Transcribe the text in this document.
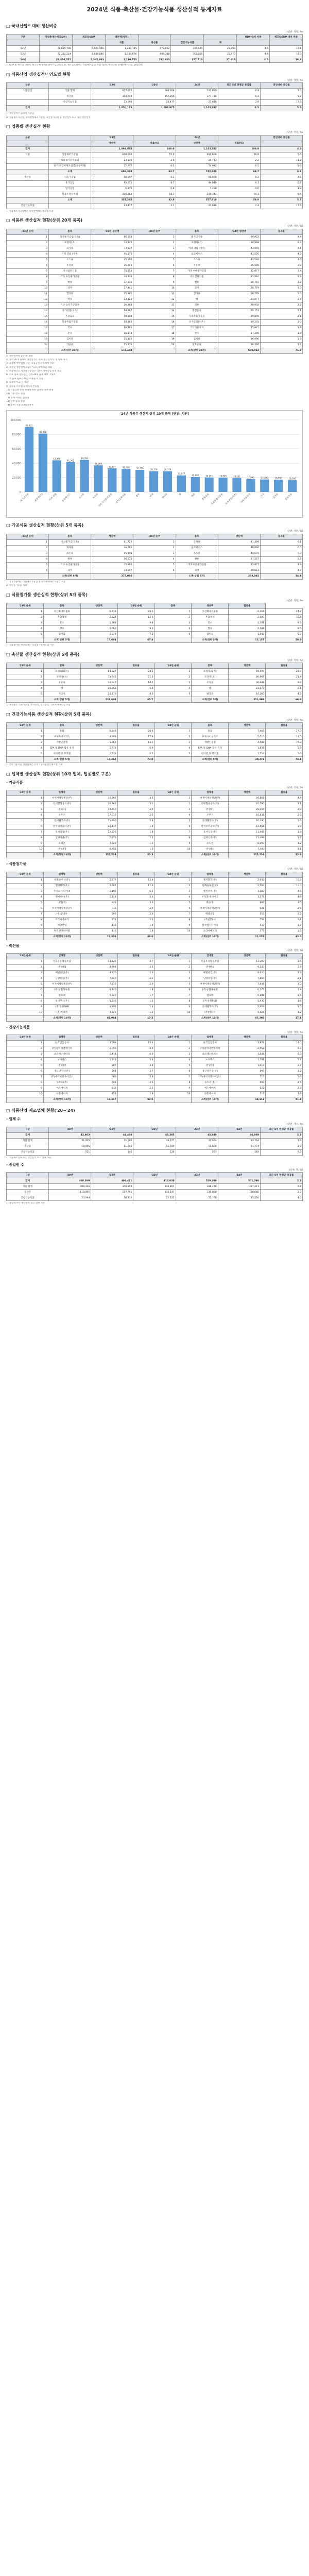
2024년 식품·축산물·건강기능식품 생산실적 통계자료
□ 국내산업¹⁾ 대비 생산비중
(단위: 억원, %)
구분	국내총생산액(GDP)	제조업GDP	생산액(억원)				GDP 대비 비중	제조업GDP 대비 비중
			식품	축산물	건강기능식품	계		
'22년	21,615,708	5,021,546	1,282,745	677,052	344,949	23,090	4.4	19.1
'23년	22,302,224	5,039,646	1,334,676	694,308	357,265	23,477	4.4	19.0
'24년	23,494,357	5,365,983	1,110,752	742,920	377,718	27,618	4.5	16.8
1) GDP 및 제조업 GDP는 한국은행 경제통계시스템(2025.3), 제조업 GDP는 '식품제조업'을 포함 (출처: 한국은행 경제통계시스템, 2025.4)
□ 식품산업 생산실적¹⁾ 연도별 현황
(단위: 억원, %)
구분		'22년	'23년	'24년	최근 5년 연평균 증감률	전년대비 증감률
식품산업	식품 합계	677,052	694,308	742,920	6.9	7.0
	축산물	344,949	357,265	377,718	6.3	5.7
	건강기능식품	23,090	23,477	27,618	2.9	17.6
합계		1,050,115	1,094,975	1,143,752	4.5	5.5
1) 생산실적은 출하액 기준임
2) 식품제조가공업, 즉석판매제조가공업, 축산물가공업 등 생산실적 보고 기준 생산실적
□ 업종별 생산실적 현황
(단위: 억원, %)
구분		'23년		'24년		전년대비 증감률
		생산액	비율(%)	생산액	비율(%)	
합계		1,094,975	100.0	1,143,752	100.0	4.5
식품	식품제조가공업	610,602	57.0	652,868	56.9	5.6
	식품첨가물제조업	23,130	2.0	25,713	2.2	11.2
	용기·포장지제조업(합성수지제)	77,757	6.3	74,942	6.5	-3.6
	소계	696,328	63.7	742,920	64.7	6.2
축산물	식육가공업	58,097	5.3	60,695	5.3	4.6
	유가공업	95,611	8.7	94,949	8.3	-0.7
	알가공업	6,972	0.6	7,298	0.6	4.8
	식육포장처리업	200,160	18.3	219,344	19.1	9.6
	소계	357,265	32.6	377,718	33.0	5.7
건강기능식품		23,477	2.1	27,618	2.4	17.6
1) 식품제조가공업에는 즉석판매제조가공업 포함
□ 식품류 생산실적 현황(상위 20개 품목)
(단위: 억원, %)
'23년 순위	품목	'23년 생산액	'24년 순위	품목	'24년 생산액	점유율
1	축산물가공업(돈육)	80,503	1	돼지고기류	89,922	9.4
2	포장육(소)	74,945	2	포장육(소)	80,968	8.4
3	과자류	73,117	3	커피 과립 (가루)	43,969	7.1
4	커피 과립 (가루)	46,175	4	음료베이스	41,505	4.3
5	소스류	45,195	5	소스류	44,593	4.6
6	우유류	36,045	6	우유류	36,988	3.8
7	즉석섭취식품	35,550	7	기타 수산물가공품	32,877	3.4
8	기타 수산물가공품	34,935	8	즉석섭취식품	31,916	3.3
9	빵류	32,076	9	빵류	30,710	3.2
10	과자	27,441	10	과자	28,779	3.0
11	캔디류	25,961	11	캔디류	28,779	3.0
12	떡류	23,125	12	햄	23,077	2.4
13	기타 농산가공품류	20,888	13	떡류	20,902	2.2
14	유가공품(치즈)	19,897	14	혼합음료	20,151	2.1
15	혼합음료	19,808	15	식육추출가공품	19,895	2.1
16	식육추출가공품	18,485	16	유가공품(치즈)	19,201	2.0
17	국수	16,891	17	기타식용유지	17,945	1.9
18	분유	16,474	18	국수	17,390	1.8
19	김치류	15,442	19	김치류	16,990	1.8
20	가공유	15,170	20	발효유류	16,360	1.7
	소계(상위 20개)	672,483		소계(상위 20개)	690,912	71.9
1) 생산실적이 높은 순 정렬
2) 상위 20개 품목의 생산실적은 전체 생산실적의 약 70% 차지
3) 품목별 생산실적 구분: 식품공전 분류체계 기준
4) 축산물 생산실적 포함 / 식육포장처리업 제외
5) 포장육(소), 축산물가공업은 식육포장처리업 실적 제외
6) 주요 품목 점유율은 상위 20개 품목 대비 구성비
7) 각 품목 순위는 매년 조정될 수 있음
8) 품목별 비교 시 참고
9) 점유율 소수점 둘째자리 반올림
10) 식품공전 분류 변경에 따른 품목명 일부 변경
11) 기준 연도 변경
12) 통계 자료는 잠정치
13) 일부 품목 통합
14) 출처: 식품의약품안전처
'24년 식품류 생산액 상위 20개 품목 (단위: 억원)
0
20,000
40,000
60,000
80,000
100,000
89,922
돼지고기류
80,968
포장육(소)
43,969
커피 과립
41,505
음료베이스
44,593
소스류
36,988
우유류
32,877
기타 수산물가공품
31,916
즉석섭취식품
30,710
빵류
28,779
과자
28,779
캔디류
23,077
햄
20,902
떡류
20,151
혼합음료
19,895
식육추출가공품
19,201
유가공품(치즈)
17,945
기타식용유지
17,390
국수
16,990
김치류
16,360
발효유류
□ 가공식품 생산실적 현황(상위 5개 품목)
(단위: 억원, %)
'23년 순위	품목	생산액	'24년 순위	품목	생산액	점유율
1	축산물가공(돈육)	81,722	1	과자류	41,469	6.1
2	과자류	40,781	2	음료베이스	40,860	6.0
3	소스류	45,195	3	소스류	44,593	6.3
4	빵류	36,676	4	빵류	37,527	5.7
5	기타 수산물가공품	35,995	5	기타 수산물가공품	32,877	4.9
6	과자	34,697	6	과자	30,611	4.7
	소계(상위 6개)	275,066		소계(상위 6개)	233,045	34.4
1) 가공식품에는 식품제조가공업 및 즉석판매제조가공업 포함
2) 축산물가공품 제외
□ 식품첨가물 생산실적 현황(상위 5개 품목)
(단위: 억원, %)
'23년 순위	품목	생산액	'24년 순위	품목	생산액	점유율	
1	수산화나트륨류	6,733	29.1	1	수산화나트륨류	6,368	24.7
2	혼합제제	2,924	12.6	2	혼합제제	2,680	10.4
3	효소	2,268	9.8	3	효소	2,381	9.3
4	향료	2,080	9.0	4	향료	2,188	8.5
5	감미료	1,679	7.3	5	감미료	1,540	6.0
	소계(상위 5개)	15,684	67.8		소계(상위 5개)	15,157	58.9
1) 식품첨가물 생산실적은 식품첨가물제조업 기준
□ 축산물 생산실적 현황(상위 5개 품목)
(단위: 억원, %)
'23년 순위	품목	생산액	점유율	'24년 순위	품목	생산액	점유율
1	포장육(돼지)	84,927	24.1	1	포장육(돼지)	94,599	25.0
2	포장육(소)	74,945	21.3	2	포장육(소)	80,968	21.4
3	우유류	36,045	10.2	3	우유류	36,988	9.8
4	햄	20,561	5.8	4	햄	23,077	6.1
5	가공유	15,170	4.3	5	발효유	16,360	4.3
	소계(상위 5개)	231,648	65.7		소계(상위 5개)	251,992	66.6
1) 축산물은 식육가공업, 유가공업, 알가공업, 식육포장처리업 포함
□ 건강기능식품 생산실적 현황(상위 5개 품목)
(단위: 억원, %)
'23년 순위	품목	생산액	점유율	'24년 순위	품목	생산액	점유율
1	홍삼	6,849	28.6	1	홍삼	7,465	27.0
2	프로바이오틱스	4,203	17.9	2	프로바이오틱스	5,110	18.5
3	개별인정형	3,066	13.1	3	개별인정형	4,508	16.3
4	EPA 및 DHA 함유 유지	1,611	6.9	4	EPA 및 DHA 함유 유지	1,636	5.9
5	비타민 및 무기질	1,533	6.5	5	비타민 및 무기질	1,554	5.6
	소계(상위 5개)	17,262	73.0		소계(상위 5개)	20,273	73.4
1) 건강기능식품 생산실적은 건강기능식품전문제조업 기준
□ 업체별 생산실적 현황(상위 10개 업체, 업종별로 구분)
- 가공식품
(단위: 억원, %)
'23년 순위	업체명	생산액	점유율	'24년 순위	업체명	생산액	점유율
1	씨제이제일제당(주)	30,266	4.5	1	씨제이제일제당(주)	29,868	4.4
2	롯데칠성음료(주)	20,766	3.1	2	롯데칠성음료(주)	20,790	3.1
3	(주)농심	19,750	2.9	3	(주)농심	20,159	3.0
4	오뚜기	17,016	2.5	4	오뚜기	16,838	2.5
5	롯데웰푸드(주)	15,900	2.4	5	롯데웰푸드(주)	16,190	2.4
6	한국코카콜라(주)	12,417	1.8	6	한국코카콜라(주)	12,566	1.9
7	동서식품(주)	12,220	1.8	7	동서식품(주)	11,985	1.8
8	삼양식품(주)	7,976	1.2	8	삼양식품(주)	11,498	1.7
9	오리온	7,520	1.1	9	오리온	8,000	1.2
10	(주)대상	6,951	1.0	10	(주)대상	7,340	1.1
	소계(상위 10개)	150,524	22.3		소계(상위 10개)	155,234	22.9
- 식품첨가물
(단위: 억원, %)
'23년 순위	업체명	생산액	점유율	'24년 순위	업체명	생산액	점유율
1	한화솔루션(주)	2,877	12.4	1	엘지화학(주)	2,643	10.3
2	엘지화학(주)	2,687	11.6	2	한화솔루션(주)	2,583	10.0
3	주식회사 타이코	1,192	5.2	3	엔씨브이(주)	1,187	4.6
4	엔씨브이(주)	1,148	5.0	4	주식회사 타이코	1,176	4.6
5	대상(주)	823	3.6	5	대상(주)	897	3.5
6	씨제이제일제당(주)	671	2.9	6	씨제이제일제당(주)	641	2.5
7	(주)삼양사	596	2.6	7	백광산업	557	2.2
8	코리아에프티	511	2.2	8	(주)삼양사	553	2.1
9	백광산업	413	1.8	9	한국엔지니어링	437	1.7
10	한국엔지니어링	410	1.8	10	코리아에프티	377	1.5
	소계(상위 10개)	11,329	49.0		소계(상위 10개)	11,052	43.0
- 축산물
(단위: 억원, %)
'23년 순위	업체명	생산액	점유율	'24년 순위	업체명	생산액	점유율
1	서울우유협동조합	13,125	3.7	1	서울우유협동조합	13,307	3.5
2	(주)하림	8,998	2.5	2	(주)하림	9,240	2.4
3	매일유업(주)	8,320	2.3	3	매일유업(주)	8,620	2.3
4	남양유업(주)	7,840	2.2	4	남양유업(주)	7,850	2.1
5	씨제이제일제당(주)	7,316	2.0	5	씨제이제일제당(주)	7,646	2.0
6	(주)농협목우촌	6,420	1.8	6	(주)농협목우촌	6,770	1.8
7	참프레	5,920	1.7	7	참프레	6,108	1.6
8	롯데푸드(주)	5,230	1.5	8	(주)동원F&B	5,930	1.6
9	(주)동원F&B	4,895	1.4	9	롯데웰푸드(주)	5,628	1.5
10	(주)마니커	4,226	1.2	10	(주)마니커	4,426	1.2
	소계(상위 10개)	81,964	17.5		소계(상위 10개)	87,205	17.1
- 건강기능식품
(단위: 억원, %)
'23년 순위	업체명	생산액	점유율	'24년 순위	업체명	생산액	점유율
1	한국인삼공사	3,599	15.3	1	한국인삼공사	3,878	14.0
2	(주)콜마비앤에이치	2,096	8.9	2	(주)콜마비앤에이치	2,558	9.3
3	코스맥스엔비티	1,414	6.0	3	코스맥스바이오	1,648	6.0
4	노바렉스	1,236	5.3	4	노바렉스	1,581	5.7
5	(주)서흥	887	3.8	5	(주)서흥	1,010	3.7
6	종근당건강(주)	864	3.7	6	종근당건강(주)	895	3.2
7	(주)에이치엘사이언스	660	2.8	7	(주)에이치엘사이언스	710	2.6
8	뉴트리(주)	598	2.5	8	뉴트리(주)	693	2.5
9	에스에이치	512	2.2	9	에스에이치	622	2.3
10	한풍네이처	451	1.9	10	한풍네이처	517	1.9
	소계(상위 10개)	12,317	52.5		소계(상위 10개)	14,112	51.2
□ 식품산업 제조업체 현황(′20~′24)
- 업체 수
(단위: 개소, %)
구분	'20년	'21년	'22년	'23년	'24년	최근 5년 연평균 증감률
합계	42,803	44,470	45,385	45,840	46,869	2.3
식품 합계	31,005	32,596	33,077	32,954	33,764	1.9
축산물	10,905	11,292	11,789	11,609	11,774	2.0
건강기능식품	521	546	520	563	583	2.8
1) 식품제조업체 수는 생산실적 보고 업체 기준
- 종업원 수
(단위: 명, %)
구분	'20년	'21년	'22년	'23년	'24년	최근 5년 연평균 증감률
합계	408,369	409,411	413,030	520,306	551,290	2.2
식품 합계	308,336	336,559	344,801	398,478	397,211	2.7
축산물	119,006	117,751	116,547	119,060	130,640	2.3
건강기능식품	20,094	20,410	21,523	22,768	23,550	4.0
1) 종업원 수는 생산실적 보고 업체 기준
